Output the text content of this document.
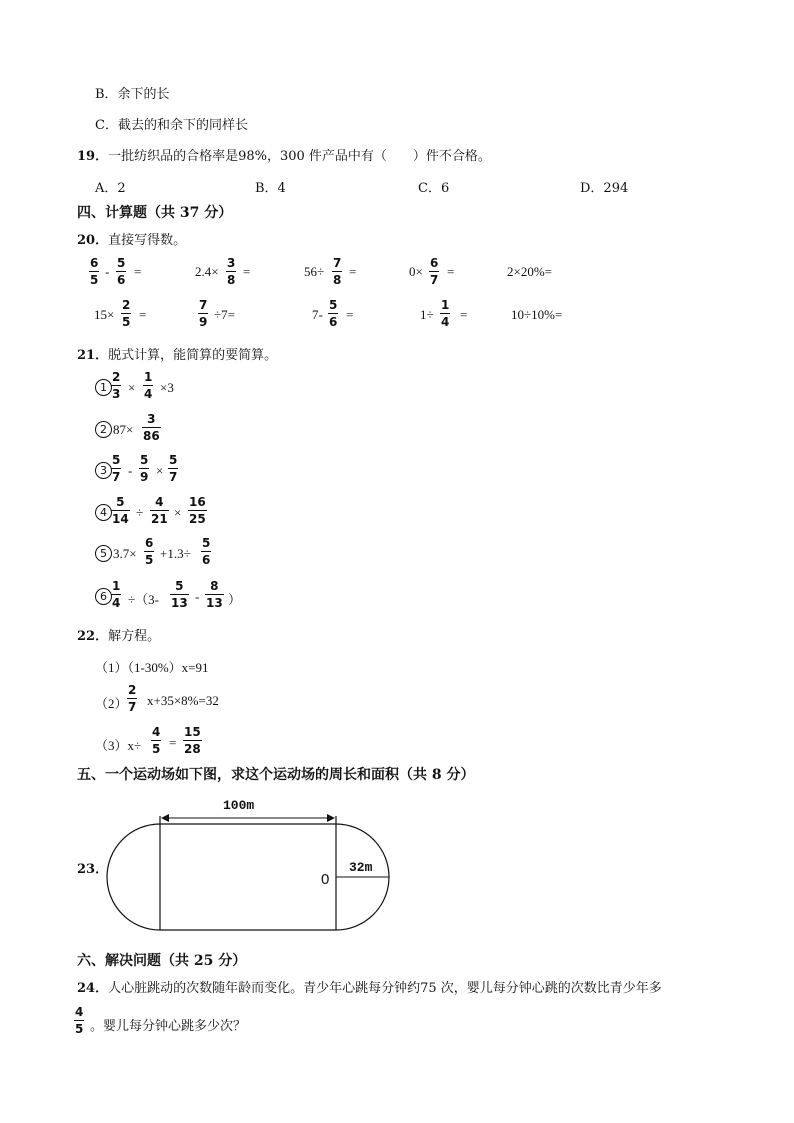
B．余下的长
C．截去的和余下的同样长
19．一批纺织品的合格率是98%，300 件产品中有（　　）件不合格。
A．2	B．4	C．6	D．294
四、计算题（共 37 分）
20．直接写得数。
6
5
-
5
6
=	2.4×
3
8
=	56÷
7
8
=	0×
6
7
=	2×20%=
15×
2
5 =
7
9 ÷7=	7-
5
6 =	1÷
1
4 =	10÷10%=
21．脱式计算，能简算的要简算。
1
2
3 ×
1
4 ×3
2 87×
3
86
3
5
7 -
5
9 ×
5
7
4
5
14 ÷
4
21 ×
16
25
5 3.7×
6
5 +1.3÷
5
6
6
1
4 ÷（3-
5
13 -
8
13 ）
22．解方程。
（1）（1-30%）x=91
（2）
2
7 x+35×8%=32
（3）x÷
4
5 =
15
28
五、一个运动场如下图，求这个运动场的周长和面积（共 8 分）
23．
100m
32m
0
六、解决问题（共 25 分）
24．人心脏跳动的次数随年龄而变化。青少年心跳每分钟约75 次，婴儿每分钟心跳的次数比青少年多
4
5 。婴儿每分钟心跳多少次？
